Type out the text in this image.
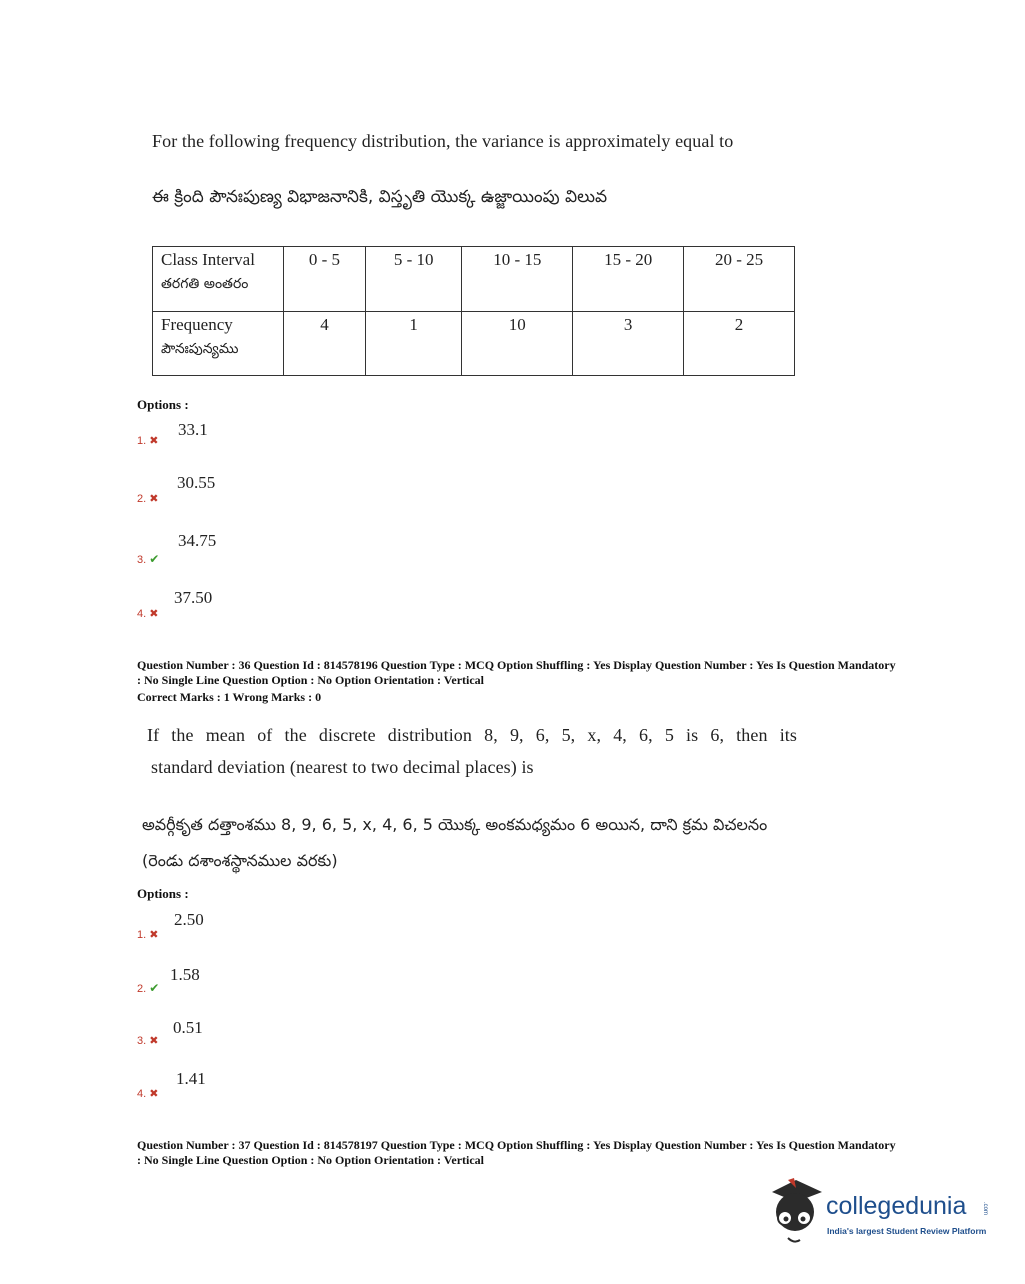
For the following frequency distribution, the variance is approximately equal to
ఈ క్రింది పౌనఃపుణ్య విభాజనానికి, విస్తృతి యొక్క ఉజ్జాయింపు విలువ
Class Interval
తరగతి అంతరం	0 - 5	5 - 10	10 - 15	15 - 20	20 - 25
Frequency
పౌనఃపున్యము	4	1	10	3	2
Options :
1. ✖
33.1
2. ✖
30.55
3. ✔
34.75
4. ✖
37.50
Question Number : 36 Question Id : 814578196 Question Type : MCQ Option Shuffling : Yes Display Question Number : Yes Is Question Mandatory : No Single Line Question Option : No Option Orientation : Vertical
Correct Marks : 1 Wrong Marks : 0
If the mean of the discrete distribution 8, 9, 6, 5, x, 4, 6, 5 is 6, then its
standard deviation (nearest to two decimal places) is
అవర్గీకృత దత్తాంశము 8, 9, 6, 5, x, 4, 6, 5 యొక్క అంకమధ్యమం 6 అయిన, దాని క్రమ విచలనం
(రెండు దశాంశస్థానముల వరకు)
Options :
1. ✖
2.50
2. ✔
1.58
3. ✖
0.51
4. ✖
1.41
Question Number : 37 Question Id : 814578197 Question Type : MCQ Option Shuffling : Yes Display Question Number : Yes Is Question Mandatory : No Single Line Question Option : No Option Orientation : Vertical
collegedunia	.com
India's largest Student Review Platform
